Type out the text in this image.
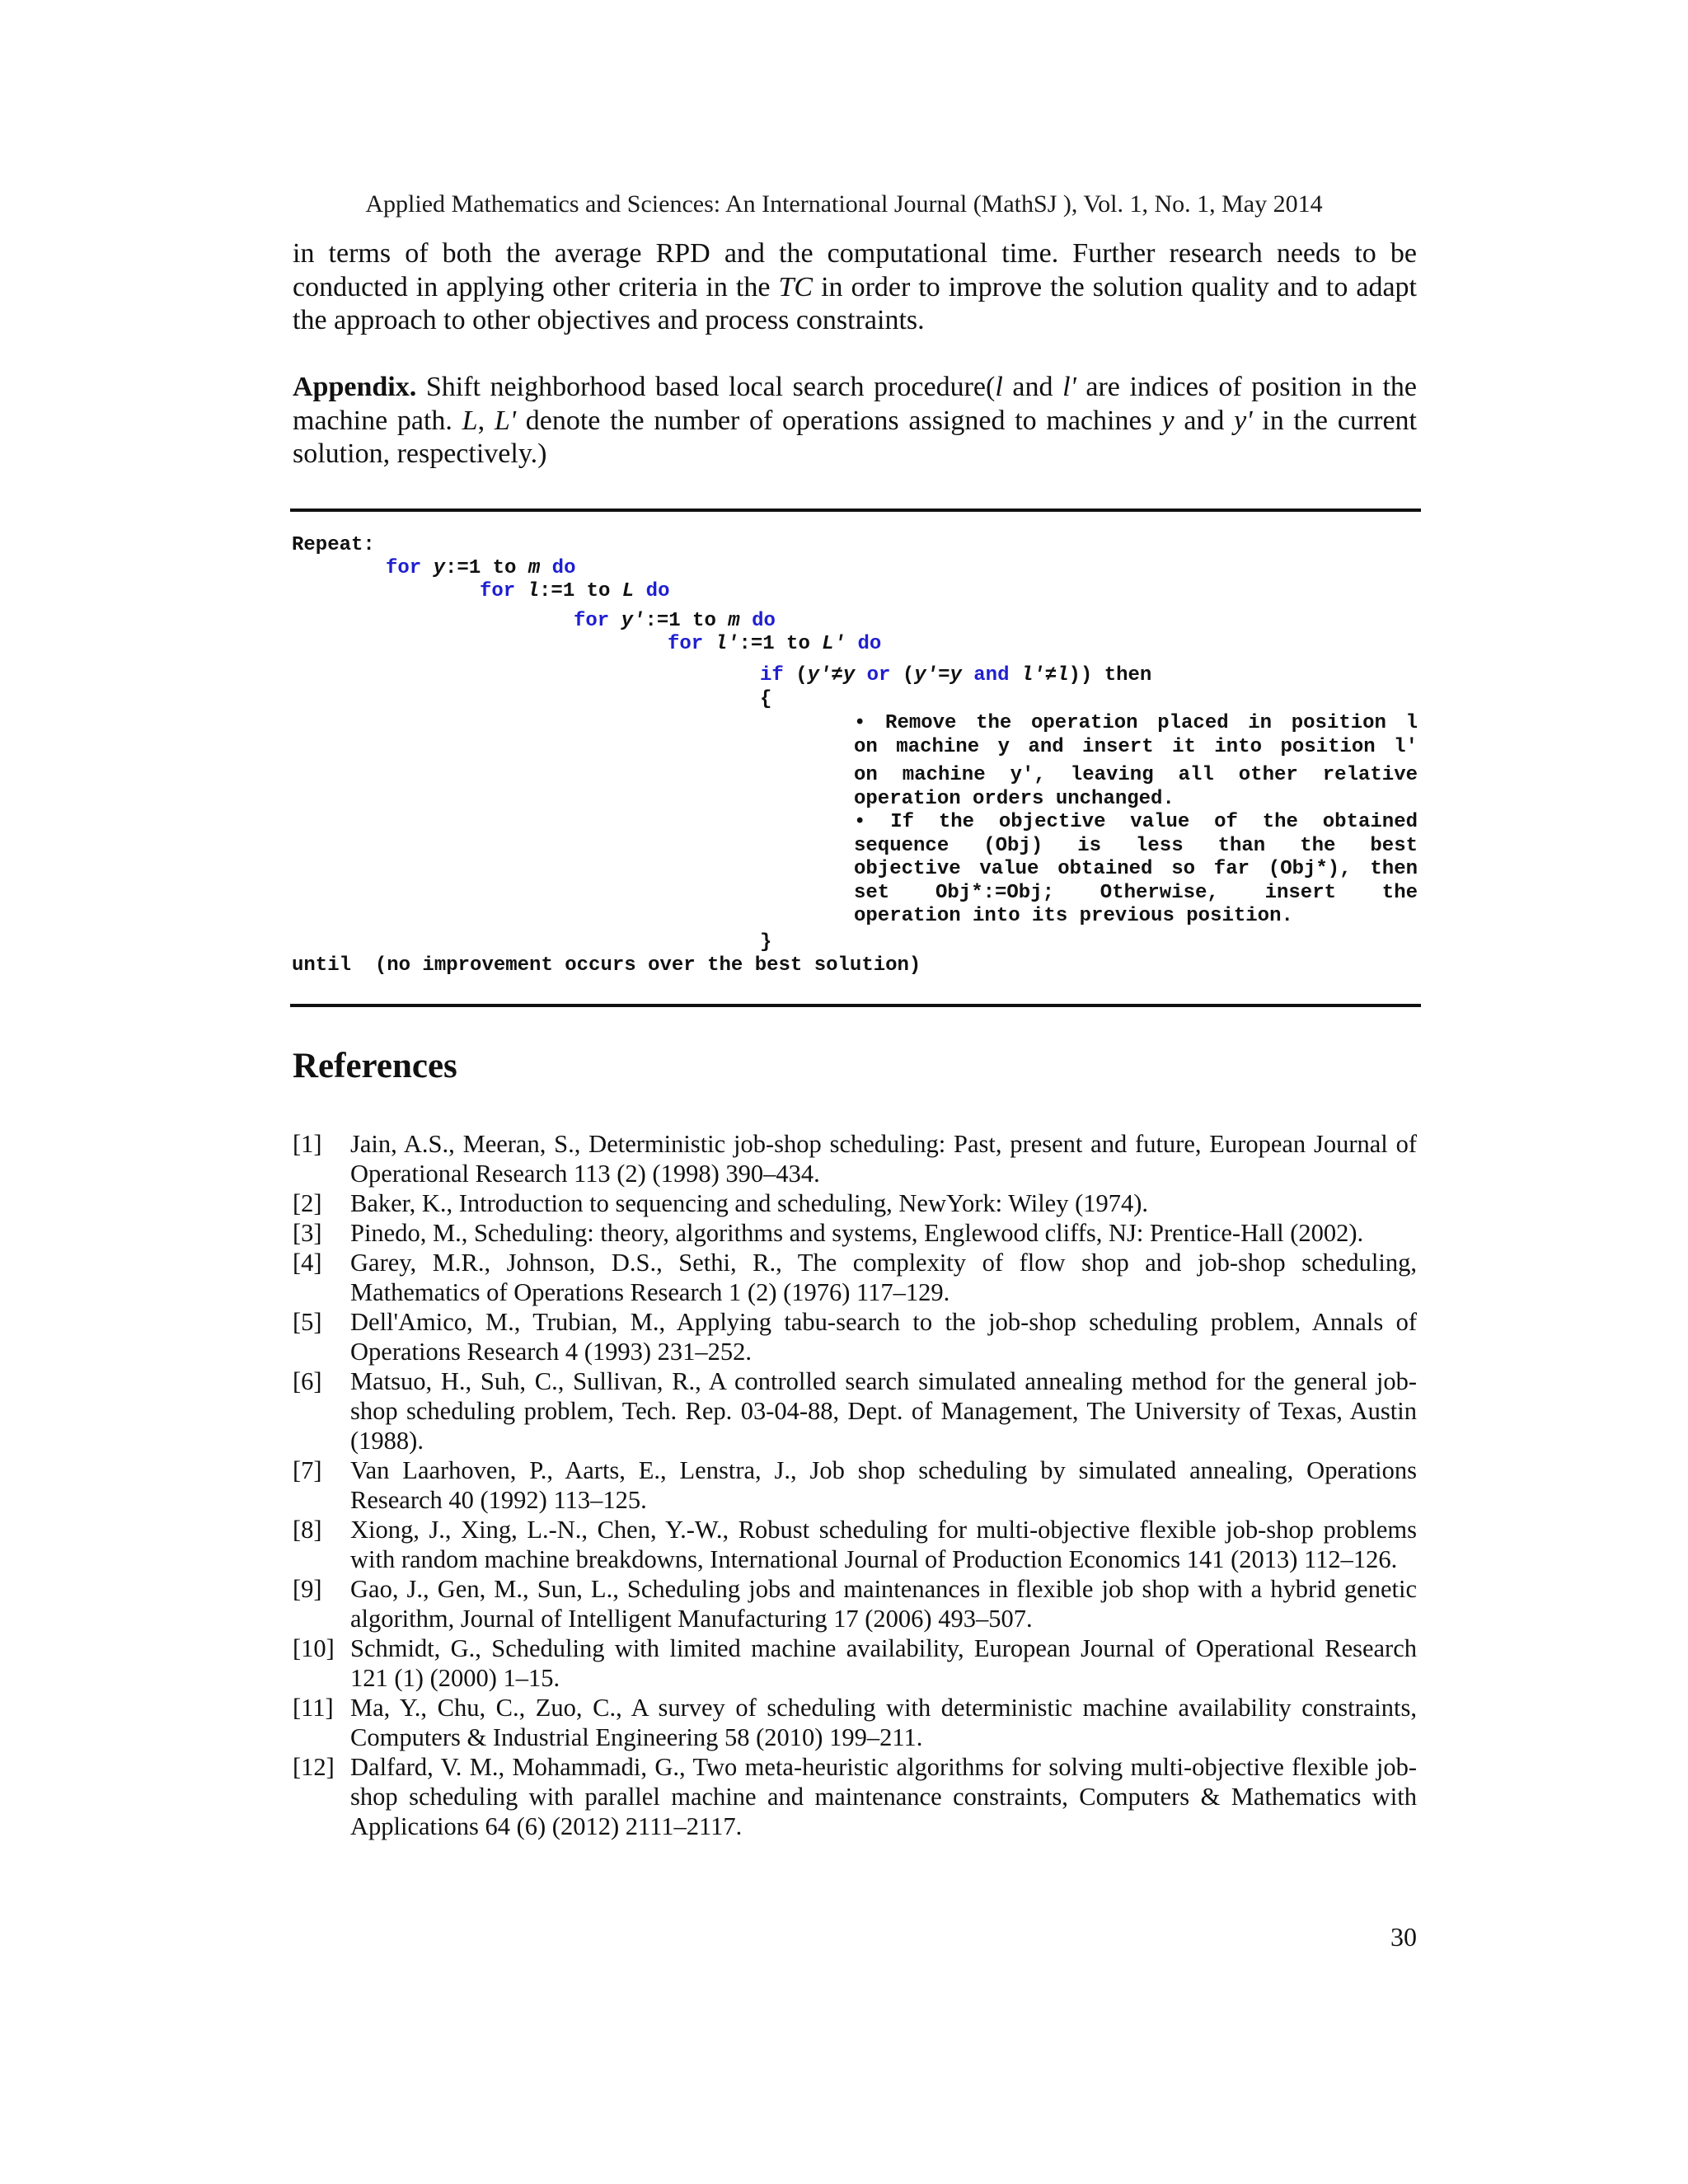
Applied Mathematics and Sciences: An International Journal (MathSJ ), Vol. 1, No. 1, May 2014

in terms of both the average RPD and the computational time. Further research needs to be conducted in applying other criteria in the TC in order to improve the solution quality and to adapt the approach to other objectives and process constraints.

Appendix. Shift neighborhood based local search procedure(l and l' are indices of position in the machine path. L, L' denote the number of operations assigned to machines y and y' in the current solution, respectively.)

Repeat:
for y:=1 to m do
for l:=1 to L do
for y′:=1 to m do
for l′:=1 to L′ do
if (y′≠y or (y′=y and l′≠l)) then
{
• Remove the operation placed in position l
on machine y and insert it into position l′
on machine y′, leaving all other relative
operation orders unchanged.
• If the objective value of the obtained
sequence (Obj) is less than the best
objective value obtained so far (Obj*), then
set Obj*:=Obj; Otherwise, insert the
operation into its previous position.
}
until  (no improvement occurs over the best solution)
References
[1]	Jain, A.S., Meeran, S., Deterministic job-shop scheduling: Past, present and future, European Journal of Operational Research 113 (2) (1998) 390–434.
[2]	Baker, K., Introduction to sequencing and scheduling, NewYork: Wiley (1974).
[3]	Pinedo, M., Scheduling: theory, algorithms and systems, Englewood cliffs, NJ: Prentice-Hall (2002).
[4]	Garey, M.R., Johnson, D.S., Sethi, R., The complexity of flow shop and job-shop scheduling, Mathematics of Operations Research 1 (2) (1976) 117–129.
[5]	Dell'Amico, M., Trubian, M., Applying tabu-search to the job-shop scheduling problem, Annals of Operations Research 4 (1993) 231–252.
[6]	Matsuo, H., Suh, C., Sullivan, R., A controlled search simulated annealing method for the general job-shop scheduling problem, Tech. Rep. 03-04-88, Dept. of Management, The University of Texas, Austin (1988).
[7]	Van Laarhoven, P., Aarts, E., Lenstra, J., Job shop scheduling by simulated annealing, Operations Research 40 (1992) 113–125.
[8]	Xiong, J., Xing, L.-N., Chen, Y.-W., Robust scheduling for multi-objective flexible job-shop problems with random machine breakdowns, International Journal of Production Economics 141 (2013) 112–126.
[9]	Gao, J., Gen, M., Sun, L., Scheduling jobs and maintenances in flexible job shop with a hybrid genetic algorithm, Journal of Intelligent Manufacturing 17 (2006) 493–507.
[10] Schmidt, G., Scheduling with limited machine availability, European Journal of Operational Research 121 (1) (2000) 1–15.
[11] Ma, Y., Chu, C., Zuo, C., A survey of scheduling with deterministic machine availability constraints, Computers & Industrial Engineering 58 (2010) 199–211.
[12] Dalfard, V. M., Mohammadi, G., Two meta-heuristic algorithms for solving multi-objective flexible job-shop scheduling with parallel machine and maintenance constraints, Computers & Mathematics with Applications 64 (6) (2012) 2111–2117.
30
